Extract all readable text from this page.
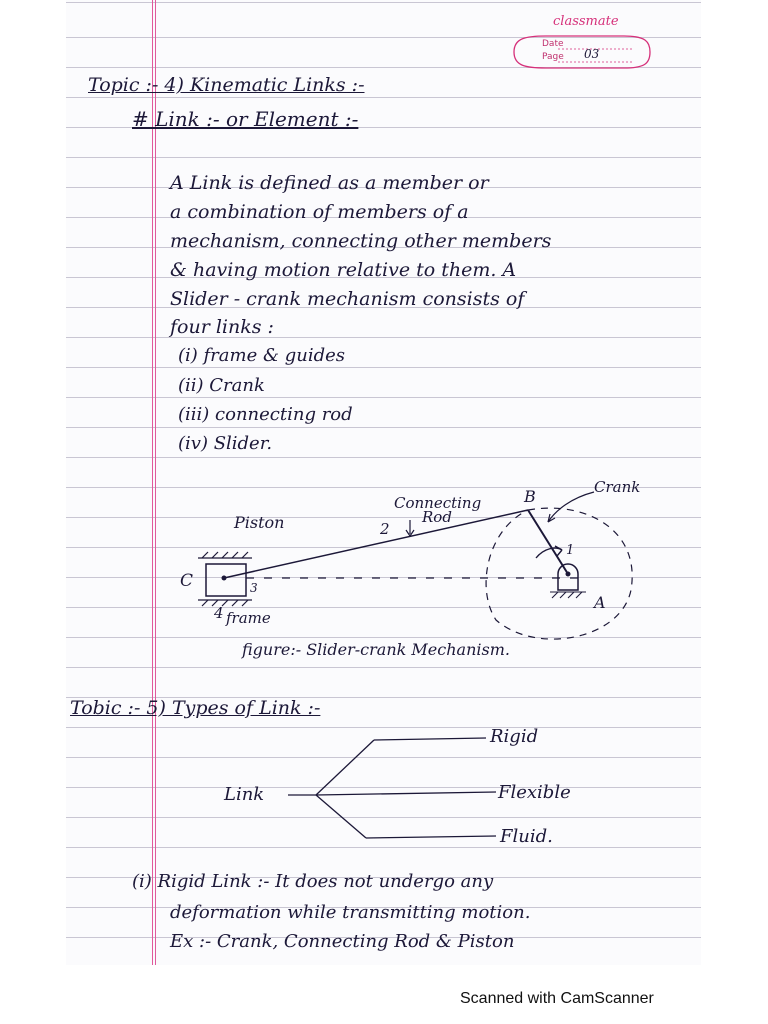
classmate
Date
Page 03
Topic :- 4) Kinematic Links :-
# Link :- or Element :-
A Link is defined as a member or
a combination of members of a
mechanism, connecting other members
& having motion relative to them. A
Slider - crank mechanism consists of
four links :
(i) frame & guides
(ii) Crank
(iii) connecting rod
(iv) Slider.
Piston
Connecting
Rod
2
B	Crank
1
A
C	3
4 frame
figure:- Slider-crank Mechanism.
Tobic :- 5) Types of Link :-
Link
Rigid
Flexible
Fluid.
(i) Rigid Link :- It does not undergo any
deformation while transmitting motion.
Ex :- Crank, Connecting Rod & Piston
Scanned with CamScanner
